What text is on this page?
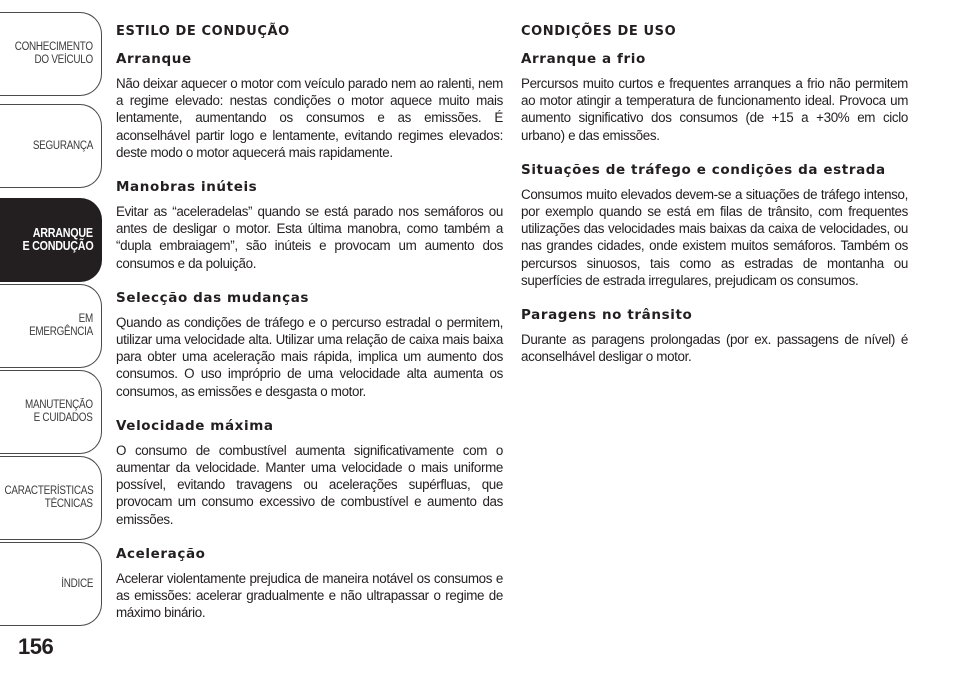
CONHECIMENTO
DO VEÍCULO
SEGURANÇA
ARRANQUE
E CONDUÇÃO
EM EMERGÊNCIA
MANUTENÇÃO
E CUIDADOS
CARACTERÍSTICAS
TÉCNICAS
ÍNDICE
156
ESTILO DE CONDUÇÃO
Arranque

Não deixar aquecer o motor com veículo parado nem ao ralenti, nem a regime elevado: nestas condições o motor aquece muito mais lentamente, aumentando os consumos e as emissões. É aconselhável partir logo e lentamente, evitando regimes elevados: deste modo o motor aquecerá mais rapidamente.

Manobras inúteis

Evitar as “aceleradelas” quando se está parado nos semáforos ou antes de desligar o motor. Esta última manobra, como também a “dupla embraiagem”, são inúteis e provocam um aumento dos consumos e da poluição.

Selecção das mudanças

Quando as condições de tráfego e o percurso estradal o permitem, utilizar uma velocidade alta. Utilizar uma relação de caixa mais baixa para obter uma aceleração mais rápida, implica um aumento dos consumos. O uso impróprio de uma velocidade alta aumenta os consumos, as emissões e desgasta o motor.

Velocidade máxima

O consumo de combustível aumenta significativamente com o aumentar da velocidade. Manter uma velocidade o mais uniforme possível, evitando travagens ou acelerações supérfluas, que provocam um consumo excessivo de combustível e aumento das emissões.

Aceleração

Acelerar violentamente prejudica de maneira notável os consumos e as emissões: acelerar gradualmente e não ultrapassar o regime de máximo binário.

CONDIÇÕES DE USO
Arranque a frio

Percursos muito curtos e frequentes arranques a frio não permitem ao motor atingir a temperatura de funcionamento ideal. Provoca um aumento significativo dos consumos (de +15 a +30% em ciclo urbano) e das emissões.

Situações de tráfego e condições da estrada

Consumos muito elevados devem-se a situações de tráfego intenso, por exemplo quando se está em filas de trânsito, com frequentes utilizações das velocidades mais baixas da caixa de velocidades, ou nas grandes cidades, onde existem muitos semáforos. Também os percursos sinuosos, tais como as estradas de montanha ou superfícies de estrada irregulares, prejudicam os consumos.

Paragens no trânsito

Durante as paragens prolongadas (por ex. passagens de nível) é aconselhável desligar o motor.
